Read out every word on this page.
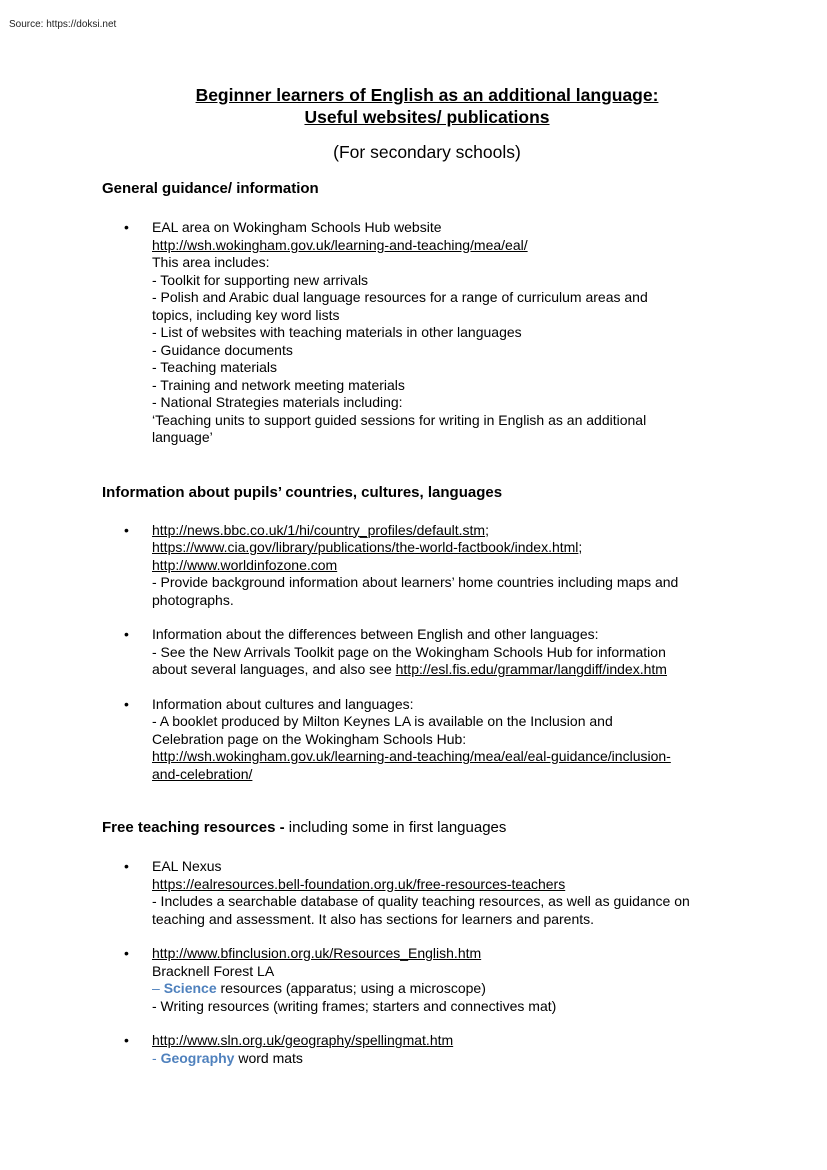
Source: https://doksi.net
Beginner learners of English as an additional language:
Useful websites/ publications
(For secondary schools)
General guidance/ information
• EAL area on Wokingham Schools Hub website
http://wsh.wokingham.gov.uk/learning-and-teaching/mea/eal/
This area includes:
- Toolkit for supporting new arrivals
- Polish and Arabic dual language resources for a range of curriculum areas and
topics, including key word lists
- List of websites with teaching materials in other languages
- Guidance documents
- Teaching materials
- Training and network meeting materials
- National Strategies materials including:
‘Teaching units to support guided sessions for writing in English as an additional
language’
Information about pupils’ countries, cultures, languages
• http://news.bbc.co.uk/1/hi/country_profiles/default.stm;
https://www.cia.gov/library/publications/the-world-factbook/index.html;
http://www.worldinfozone.com
- Provide background information about learners’ home countries including maps and
photographs.
• Information about the differences between English and other languages:
- See the New Arrivals Toolkit page on the Wokingham Schools Hub for information
about several languages, and also see http://esl.fis.edu/grammar/langdiff/index.htm
• Information about cultures and languages:
- A booklet produced by Milton Keynes LA is available on the Inclusion and
Celebration page on the Wokingham Schools Hub:
http://wsh.wokingham.gov.uk/learning-and-teaching/mea/eal/eal-guidance/inclusion-
and-celebration/
Free teaching resources - including some in first languages
• EAL Nexus
https://ealresources.bell-foundation.org.uk/free-resources-teachers
- Includes a searchable database of quality teaching resources, as well as guidance on
teaching and assessment. It also has sections for learners and parents.
• http://www.bfinclusion.org.uk/Resources_English.htm
Bracknell Forest LA
– Science resources (apparatus; using a microscope)
- Writing resources (writing frames; starters and connectives mat)
• http://www.sln.org.uk/geography/spellingmat.htm
- Geography word mats
